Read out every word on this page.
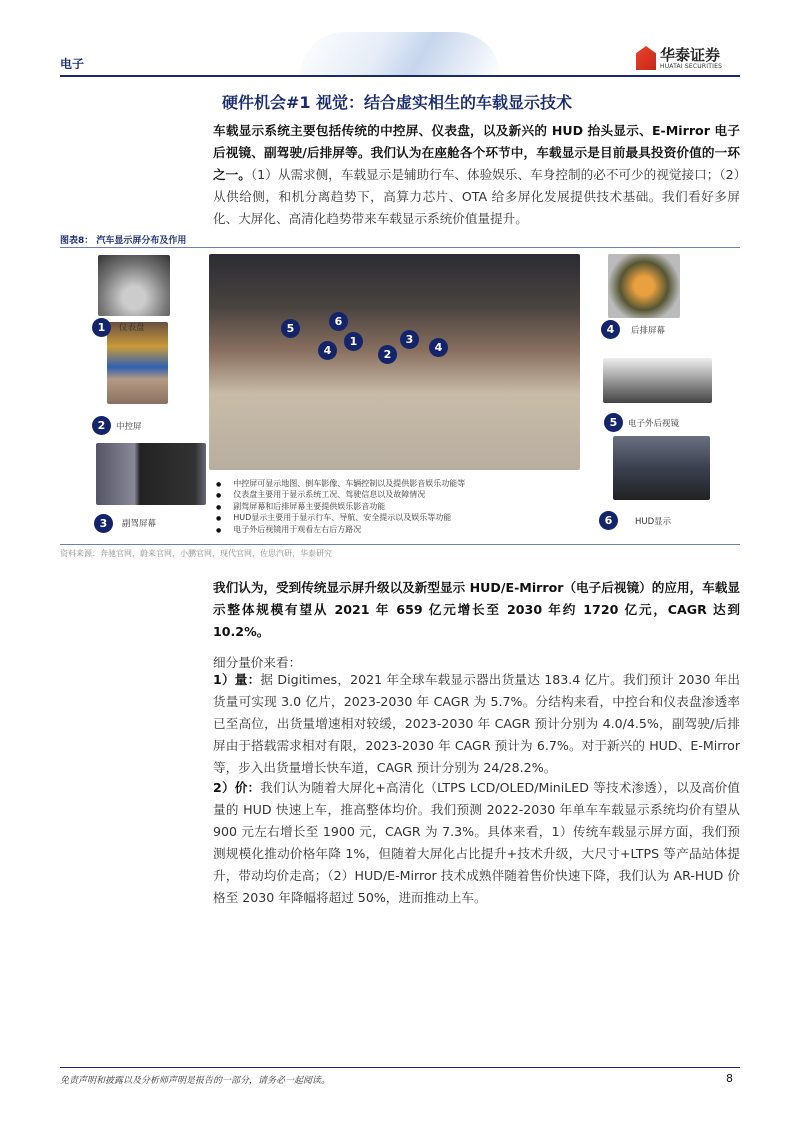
电子
华泰证券
HUATAI SECURITIES
硬件机会#1 视觉：结合虚实相生的车载显示技术
车载显示系统主要包括传统的中控屏、仪表盘，以及新兴的 HUD 抬头显示、E-Mirror 电子后视镜、副驾驶/后排屏等。我们认为在座舱各个环节中，车载显示是目前最具投资价值的一环之一。（1）从需求侧，车载显示是辅助行车、体验娱乐、车身控制的必不可少的视觉接口；（2）从供给侧，和机分离趋势下，高算力芯片、OTA 给多屏化发展提供技术基础。我们看好多屏化、大屏化、高清化趋势带来车载显示系统价值量提升。
图表8： 汽车显示屏分布及作用
1	仪表盘
2	中控屏
3	副驾屏幕
4	后排屏幕
5	电子外后视镜
6	HUD显示
5
6
4
1
2
3
4
● 中控屏可显示地图、倒车影像、车辆控制以及提供影音娱乐功能等
● 仪表盘主要用于显示系统工况、驾驶信息以及故障情况
● 副驾屏幕和后排屏幕主要提供娱乐影音功能
● HUD显示主要用于显示行车、导航、安全提示以及娱乐等功能
● 电子外后视镜用于观看左右后方路况
资料来源：奔驰官网，蔚来官网，小鹏官网，现代官网，佐思汽研，华泰研究
我们认为，受到传统显示屏升级以及新型显示 HUD/E-Mirror（电子后视镜）的应用，车载显示整体规模有望从 2021 年 659 亿元增长至 2030 年约 1720 亿元，CAGR 达到 10.2%。
细分量价来看：
1）量：据 Digitimes，2021 年全球车载显示器出货量达 183.4 亿片。我们预计 2030 年出货量可实现 3.0 亿片，2023-2030 年 CAGR 为 5.7%。分结构来看，中控台和仪表盘渗透率已至高位，出货量增速相对较缓，2023-2030 年 CAGR 预计分别为 4.0/4.5%，副驾驶/后排屏由于搭载需求相对有限，2023-2030 年 CAGR 预计为 6.7%。对于新兴的 HUD、E-Mirror 等，步入出货量增长快车道，CAGR 预计分别为 24/28.2%。
2）价：我们认为随着大屏化+高清化（LTPS LCD/OLED/MiniLED 等技术渗透），以及高价值量的 HUD 快速上车，推高整体均价。我们预测 2022-2030 年单车车载显示系统均价有望从 900 元左右增长至 1900 元，CAGR 为 7.3%。具体来看，1）传统车载显示屏方面，我们预测规模化推动价格年降 1%，但随着大屏化占比提升+技术升级，大尺寸+LTPS 等产品站体提升，带动均价走高；（2）HUD/E-Mirror 技术成熟伴随着售价快速下降，我们认为 AR-HUD 价格至 2030 年降幅将超过 50%，进而推动上车。
免责声明和披露以及分析师声明是报告的一部分，请务必一起阅读。	8
